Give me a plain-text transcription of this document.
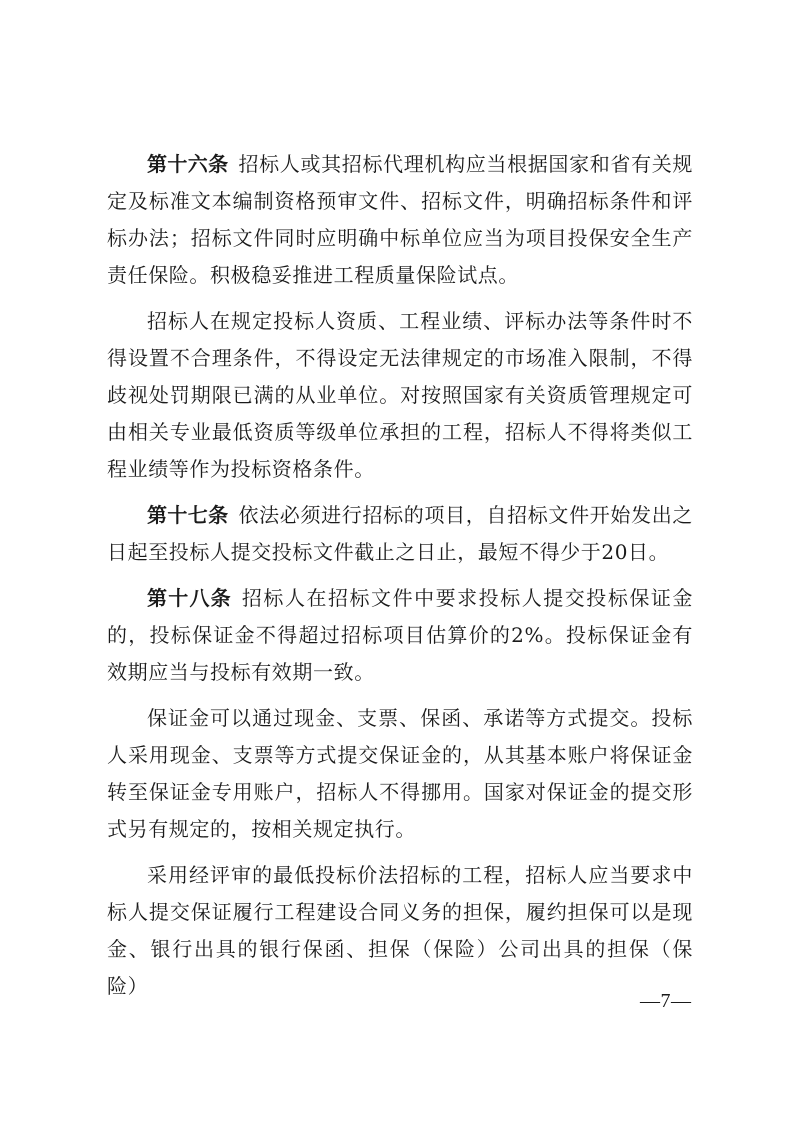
第十六条 招标人或其招标代理机构应当根据国家和省有关规定及标准文本编制资格预审文件、招标文件，明确招标条件和评标办法；招标文件同时应明确中标单位应当为项目投保安全生产责任保险。积极稳妥推进工程质量保险试点。

招标人在规定投标人资质、工程业绩、评标办法等条件时不得设置不合理条件，不得设定无法律规定的市场准入限制，不得歧视处罚期限已满的从业单位。对按照国家有关资质管理规定可由相关专业最低资质等级单位承担的工程，招标人不得将类似工程业绩等作为投标资格条件。

第十七条 依法必须进行招标的项目，自招标文件开始发出之日起至投标人提交投标文件截止之日止，最短不得少于20日。

第十八条 招标人在招标文件中要求投标人提交投标保证金的，投标保证金不得超过招标项目估算价的2%。投标保证金有效期应当与投标有效期一致。

保证金可以通过现金、支票、保函、承诺等方式提交。投标人采用现金、支票等方式提交保证金的，从其基本账户将保证金转至保证金专用账户，招标人不得挪用。国家对保证金的提交形式另有规定的，按相关规定执行。

采用经评审的最低投标价法招标的工程，招标人应当要求中标人提交保证履行工程建设合同义务的担保，履约担保可以是现金、银行出具的银行保函、担保（保险）公司出具的担保（保险）

—7—
